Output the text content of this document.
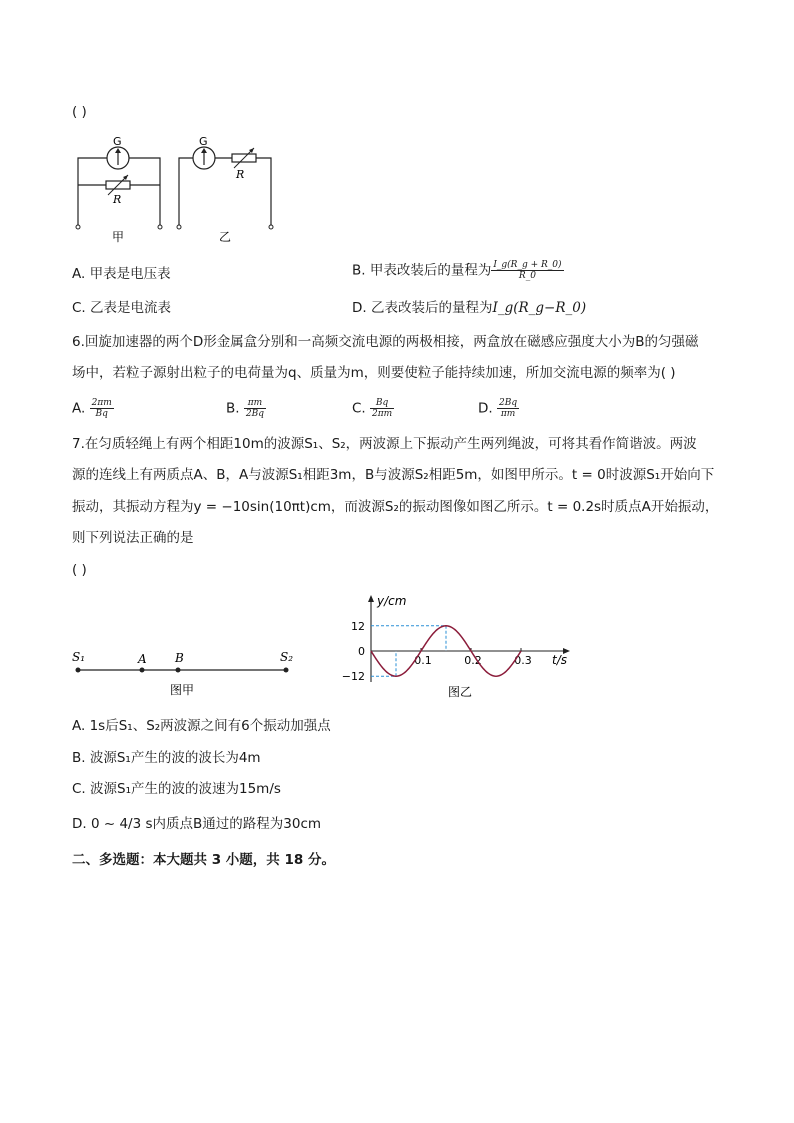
( )
G
R
甲
G
R
乙
A. 甲表是电压表	B. 甲表改装后的量程为 $\frac{I\_g(R\_g + R\_0)}{R\_0}$
C. 乙表是电流表	D. 乙表改装后的量程为I_g(R_g−R_0)
6.回旋加速器的两个D形金属盒分别和一高频交流电源的两极相接，两盒放在磁感应强度大小为B的匀强磁
场中，若粒子源射出粒子的电荷量为q、质量为m，则要使粒子能持续加速，所加交流电源的频率为( )
A. $\frac{2\pi m}{Bq}$	B. $\frac{\pi m}{2Bq}$	C. $\frac{Bq}{2\pi m}$	D. $\frac{2Bq}{\pi m}$
7.在匀质轻绳上有两个相距10m的波源S₁、S₂，两波源上下振动产生两列绳波，可将其看作简谐波。两波
源的连线上有两质点A、B，A与波源S₁相距3m，B与波源S₂相距5m，如图甲所示。t = 0时波源S₁开始向下
振动，其振动方程为y = −10sin(10πt)cm，而波源S₂的振动图像如图乙所示。t = 0.2s时质点A开始振动，
则下列说法正确的是
( )
S₁	A B	S₂
图甲
y/cm
t/s
12
0
−12
0.1	0.2	0.3
图乙
A. 1s后S₁、S₂两波源之间有6个振动加强点
B. 波源S₁产生的波的波长为4m
C. 波源S₁产生的波的波速为15m/s
D. 0 ~ 4/3 s内质点B通过的路程为30cm
二、多选题：本大题共 3 小题，共 18 分。
